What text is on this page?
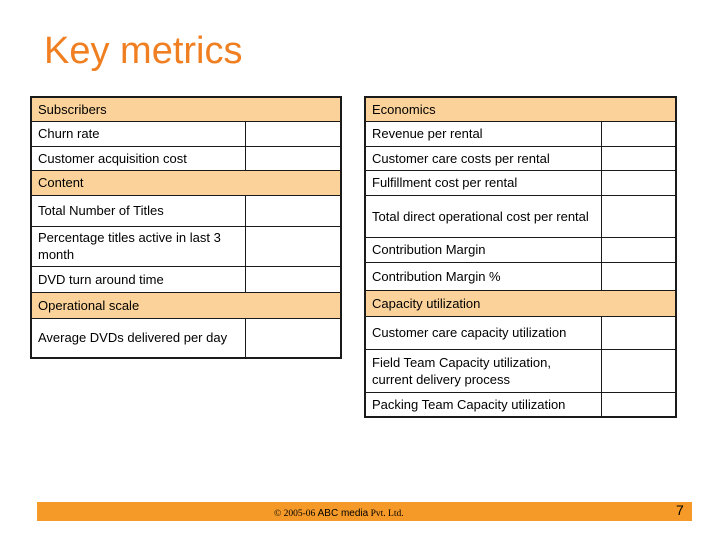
Key metrics
Subscribers	
Churn rate	
Customer acquisition cost	
Content	
Total Number of Titles	
Percentage titles active in last 3 month	
DVD turn around time	
Operational scale	
Average DVDs delivered per day	
Economics	
Revenue per rental	
Customer care costs per rental	
Fulfillment cost per rental	
Total direct operational cost per rental	
Contribution Margin	
Contribution Margin %	
Capacity utilization	
Customer care capacity utilization	
Field Team Capacity utilization, current delivery process	
Packing Team Capacity utilization	
© 2005-06 ABC media Pvt. Ltd.	7
